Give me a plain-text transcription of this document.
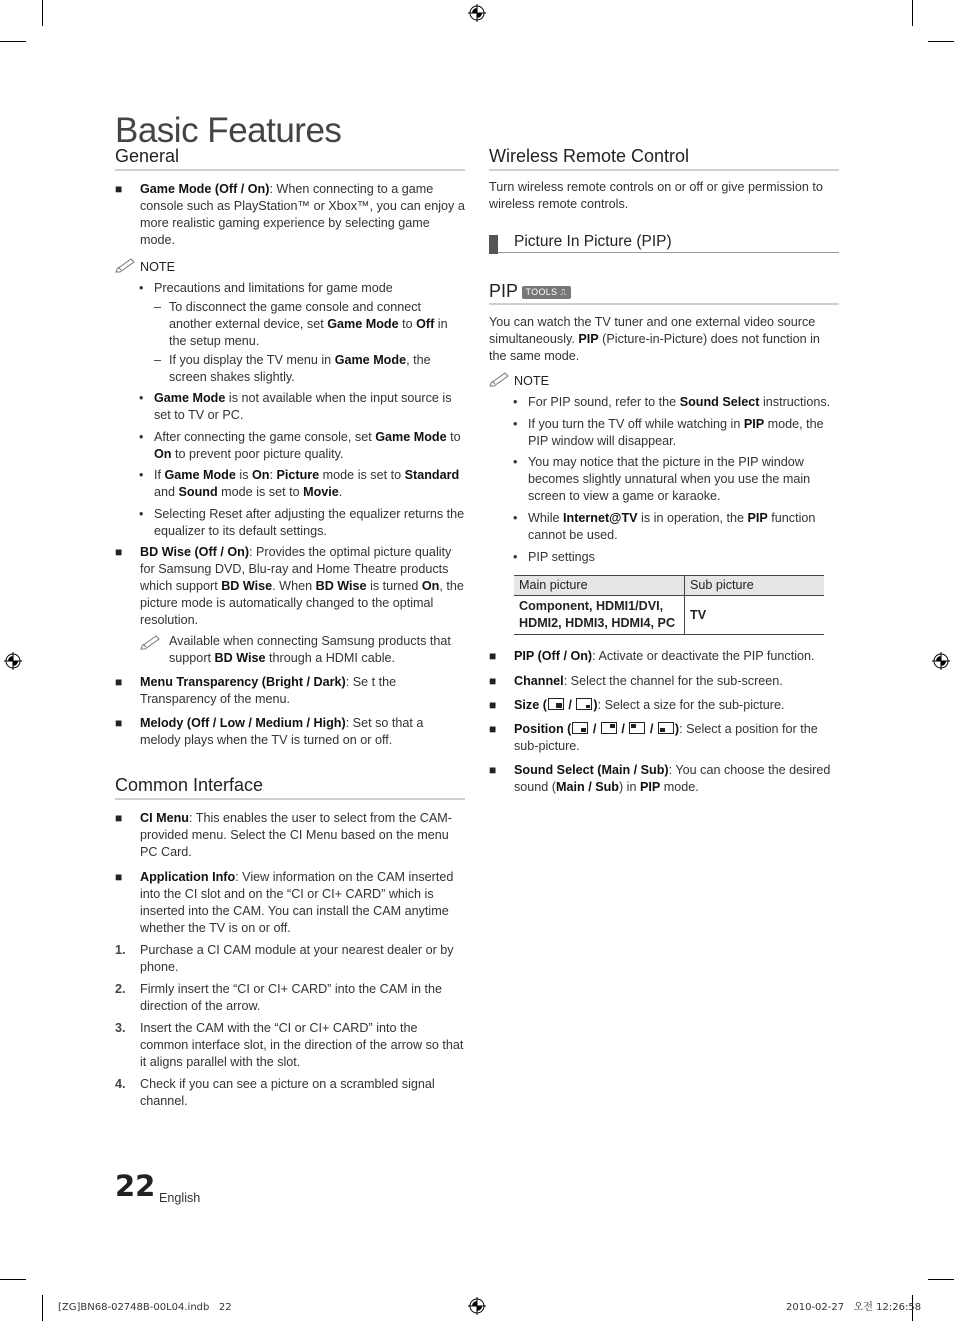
Basic Features
General
■ Game Mode (Off / On): When connecting to a game console such as PlayStation™ or Xbox™, you can enjoy a more realistic gaming experience by selecting game mode.
NOTE
• Precautions and limitations for game mode
– To disconnect the game console and connect another external device, set Game Mode to Off in the setup menu.
– If you display the TV menu in Game Mode, the screen shakes slightly.
• Game Mode is not available when the input source is set to TV or PC.
• After connecting the game console, set Game Mode to On to prevent poor picture quality.
• If Game Mode is On: Picture mode is set to Standard and Sound mode is set to Movie.
• Selecting Reset after adjusting the equalizer returns the equalizer to its default settings.
■ BD Wise (Off / On): Provides the optimal picture quality for Samsung DVD, Blu-ray and Home Theatre products which support BD Wise. When BD Wise is turned On, the picture mode is automatically changed to the optimal resolution.
Available when connecting Samsung products that support BD Wise through a HDMI cable.
■ Menu Transparency (Bright / Dark): Se t the Transparency of the menu.
■ Melody (Off / Low / Medium / High): Set so that a melody plays when the TV is turned on or off.
Common Interface
■ CI Menu: This enables the user to select from the CAM-provided menu. Select the CI Menu based on the menu PC Card.
■ Application Info: View information on the CAM inserted into the CI slot and on the “CI or CI+ CARD” which is inserted into the CAM. You can install the CAM anytime whether the TV is on or off.
1. Purchase a CI CAM module at your nearest dealer or by phone.
2. Firmly insert the “CI or CI+ CARD” into the CAM in the direction of the arrow.
3. Insert the CAM with the “CI or CI+ CARD” into the common interface slot, in the direction of the arrow so that it aligns parallel with the slot.
4. Check if you can see a picture on a scrambled signal channel.
Wireless Remote Control

Turn wireless remote controls on or off or give permission to wireless remote controls.

Picture In Picture (PIP)
PIP TOOLS ⎍

You can watch the TV tuner and one external video source simultaneously. PIP (Picture-in-Picture) does not function in the same mode.

NOTE
• For PIP sound, refer to the Sound Select instructions.
• If you turn the TV off while watching in PIP mode, the PIP window will disappear.
• You may notice that the picture in the PIP window becomes slightly unnatural when you use the main screen to view a game or karaoke.
• While Internet@TV is in operation, the PIP function cannot be used.
• PIP settings
Main picture	Sub picture
Component, HDMI1/DVI, HDMI2, HDMI3, HDMI4, PC	TV
■ PIP (Off / On): Activate or deactivate the PIP function.
■ Channel: Select the channel for the sub-screen.
■ Size (
/
): Select a size for the sub-picture.
■ Position (
/
/
/
): Select a position for the sub-picture.
■ Sound Select (Main / Sub): You can choose the desired sound (Main / Sub) in PIP mode.
22 English
[ZG]BN68-02748B-00L04.indb   22	2010-02-27   오전 12:26:58
